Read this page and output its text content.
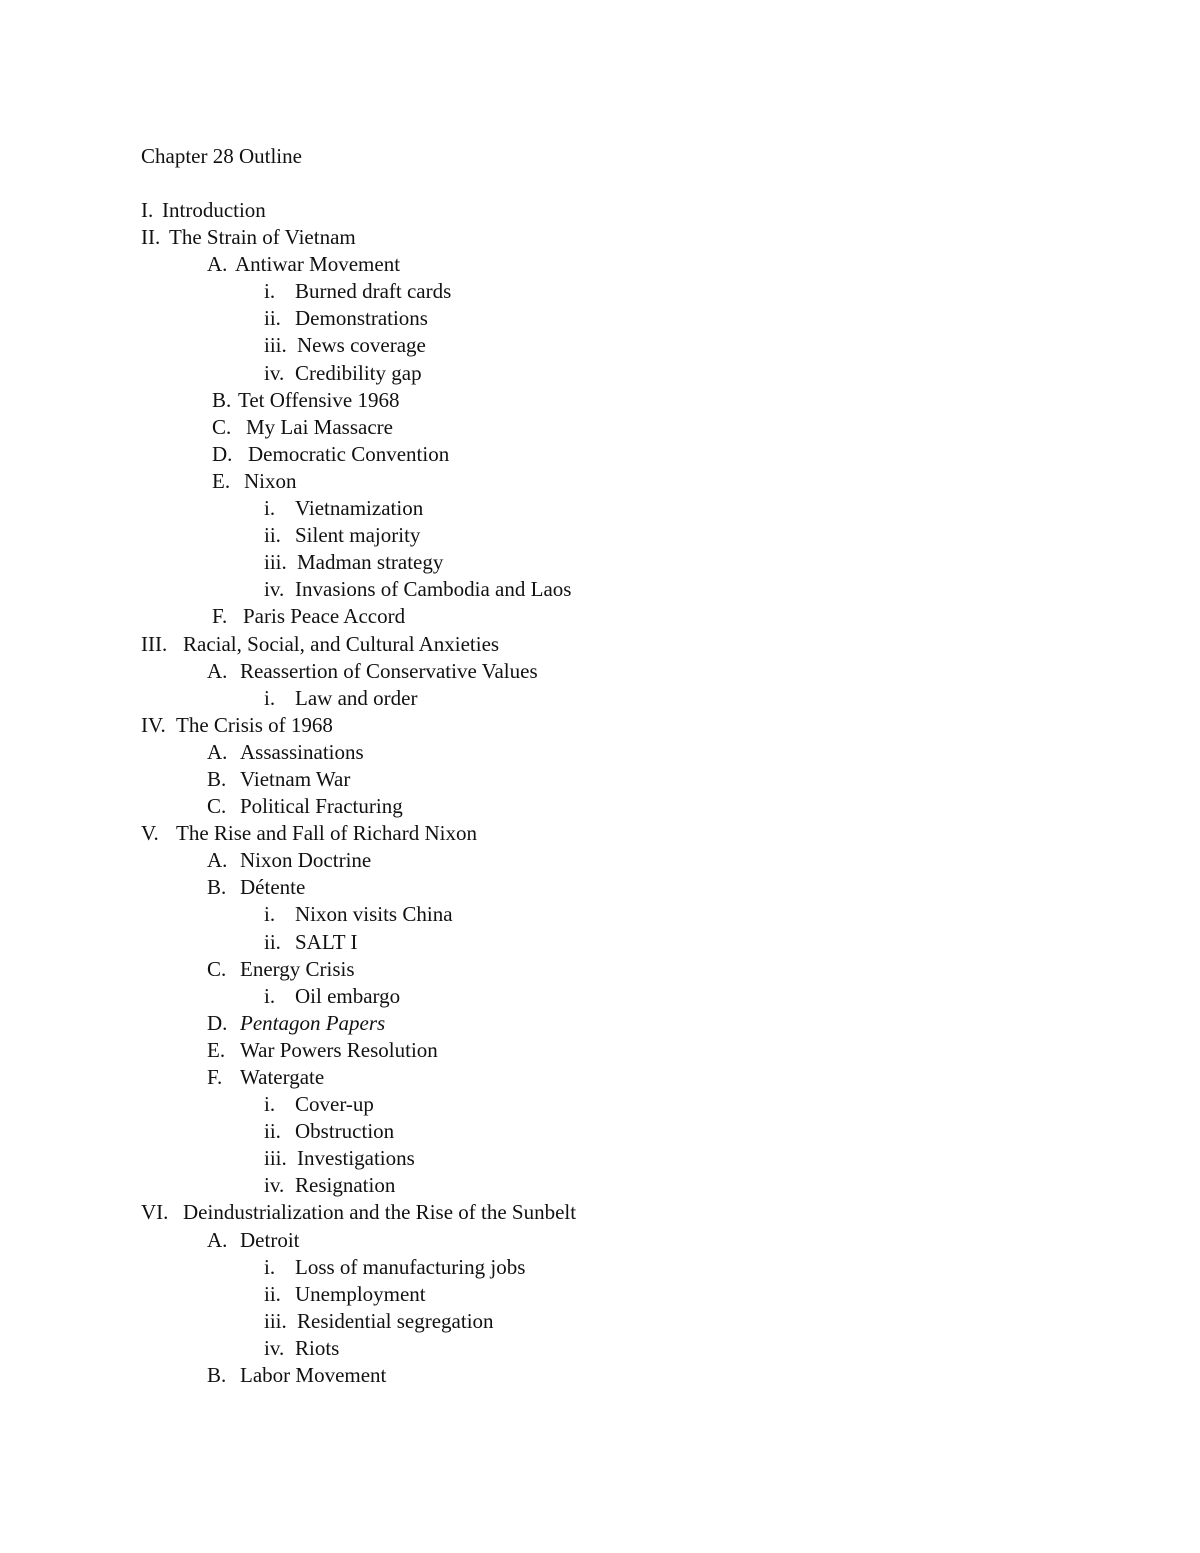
Chapter 28 Outline
I. Introduction
II. The Strain of Vietnam
A. Antiwar Movement
i. Burned draft cards
ii. Demonstrations
iii. News coverage
iv. Credibility gap
B. Tet Offensive 1968
C. My Lai Massacre
D. Democratic Convention
E. Nixon
i. Vietnamization
ii. Silent majority
iii. Madman strategy
iv. Invasions of Cambodia and Laos
F. Paris Peace Accord
III. Racial, Social, and Cultural Anxieties
A. Reassertion of Conservative Values
i. Law and order
IV. The Crisis of 1968
A. Assassinations
B. Vietnam War
C. Political Fracturing
V. The Rise and Fall of Richard Nixon
A. Nixon Doctrine
B. Détente
i. Nixon visits China
ii. SALT I
C. Energy Crisis
i. Oil embargo
D. Pentagon Papers
E. War Powers Resolution
F. Watergate
i. Cover-up
ii. Obstruction
iii. Investigations
iv. Resignation
VI. Deindustrialization and the Rise of the Sunbelt
A. Detroit
i. Loss of manufacturing jobs
ii. Unemployment
iii. Residential segregation
iv. Riots
B. Labor Movement
